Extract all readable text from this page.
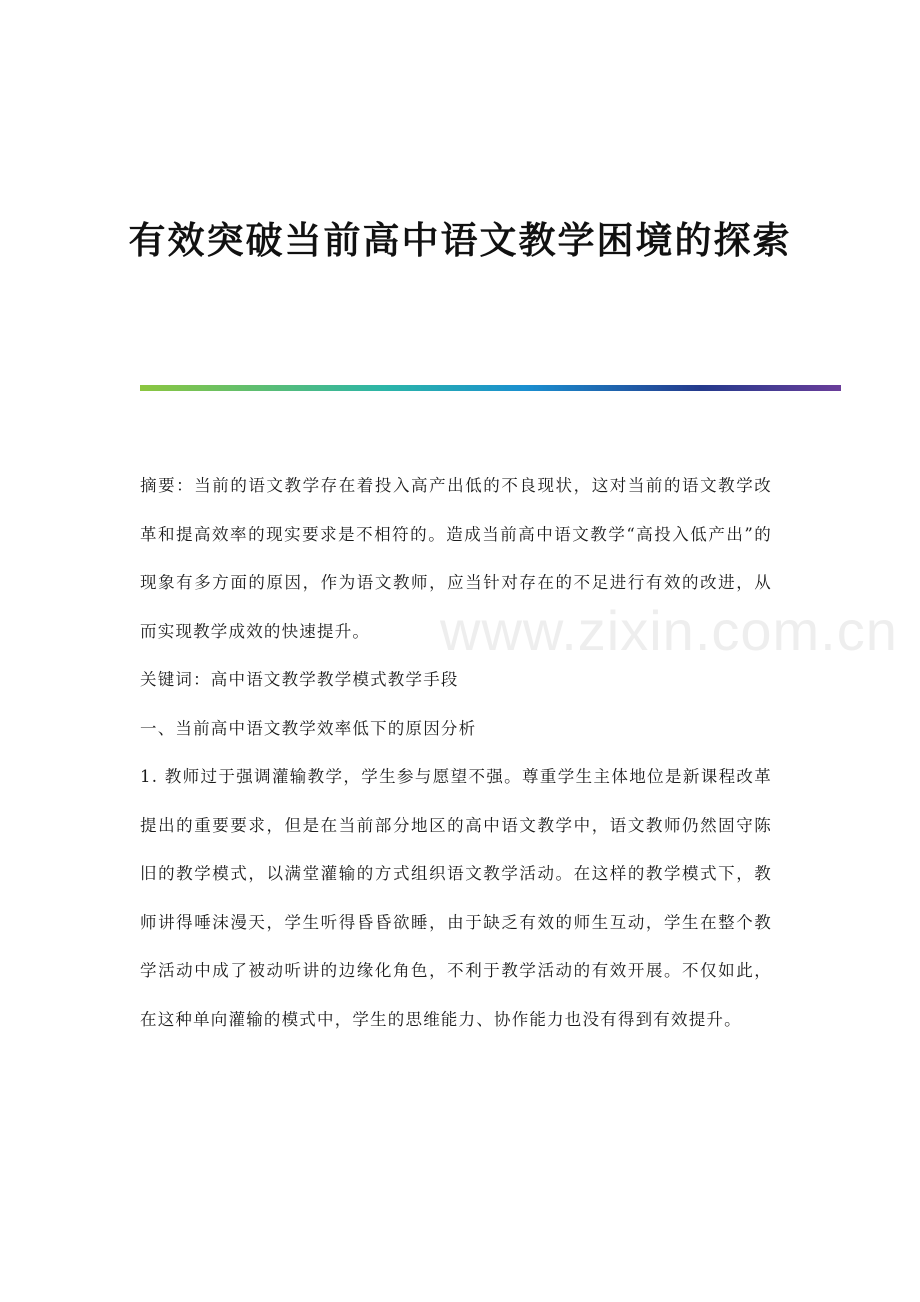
有效突破当前高中语文教学困境的探索

摘要：当前的语文教学存在着投入高产出低的不良现状，这对当前的语文教学改革和提高效率的现实要求是不相符的。造成当前高中语文教学“高投入低产出”的现象有多方面的原因，作为语文教师，应当针对存在的不足进行有效的改进，从而实现教学成效的快速提升。

关键词：高中语文教学教学模式教学手段

一、当前高中语文教学效率低下的原因分析

1. 教师过于强调灌输教学，学生参与愿望不强。尊重学生主体地位是新课程改革提出的重要要求，但是在当前部分地区的高中语文教学中，语文教师仍然固守陈旧的教学模式，以满堂灌输的方式组织语文教学活动。在这样的教学模式下，教师讲得唾沫漫天，学生听得昏昏欲睡，由于缺乏有效的师生互动，学生在整个教学活动中成了被动听讲的边缘化角色，不利于教学活动的有效开展。不仅如此，在这种单向灌输的模式中，学生的思维能力、协作能力也没有得到有效提升。

www.zixin.com.cn
